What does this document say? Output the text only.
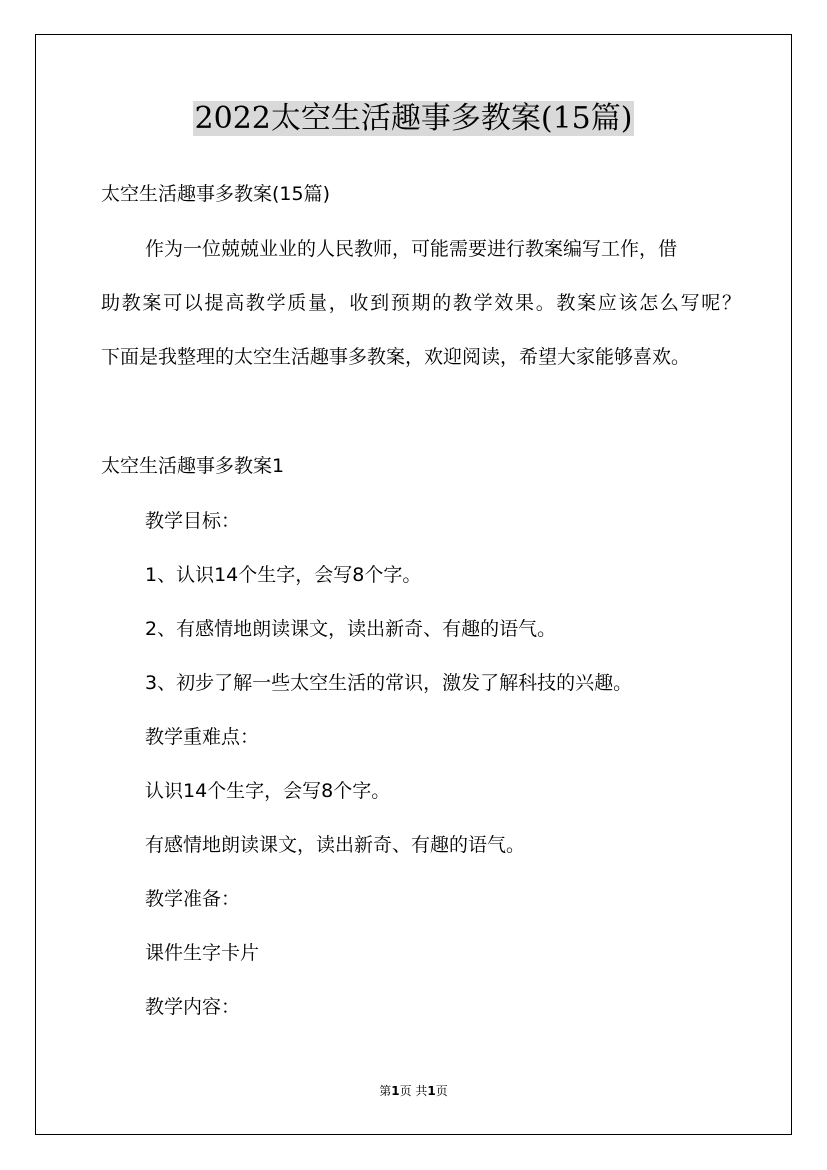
2022太空生活趣事多教案(15篇)
太空生活趣事多教案(15篇)
作为一位兢兢业业的人民教师，可能需要进行教案编写工作，借
助教案可以提高教学质量，收到预期的教学效果。教案应该怎么写呢？
下面是我整理的太空生活趣事多教案，欢迎阅读，希望大家能够喜欢。
太空生活趣事多教案1
教学目标：
1、认识14个生字，会写8个字。
2、有感情地朗读课文，读出新奇、有趣的语气。
3、初步了解一些太空生活的常识，激发了解科技的兴趣。
教学重难点：
认识14个生字，会写8个字。
有感情地朗读课文，读出新奇、有趣的语气。
教学准备：
课件生字卡片
教学内容：
第1页 共1页
